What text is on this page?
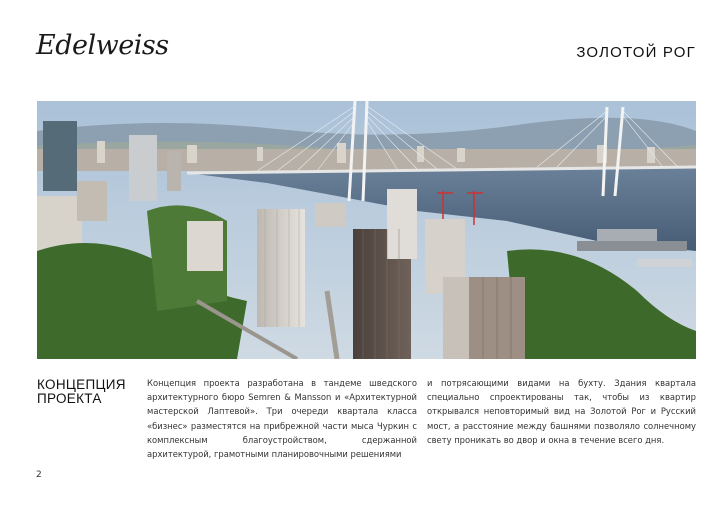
Edelweiss	ЗОЛОТОЙ РОГ
КОНЦЕПЦИЯ ПРОЕКТА
Концепция проекта разработана в тандеме шведского архитектурного бюро Semren & Mansson и «Архитектурной мастерской Лаптевой». Три очереди квартала класса «бизнес» разместятся на прибрежной части мыса Чуркин с комплексным благоустройством, сдержанной архитектурой, грамотными планировочными решениями
и потрясающими видами на бухту. Здания квартала специально спроектированы так, чтобы из квартир открывался неповторимый вид на Золотой Рог и Русский мост, а расстояние между башнями позволяло солнечному свету проникать во двор и окна в течение всего дня.
2
